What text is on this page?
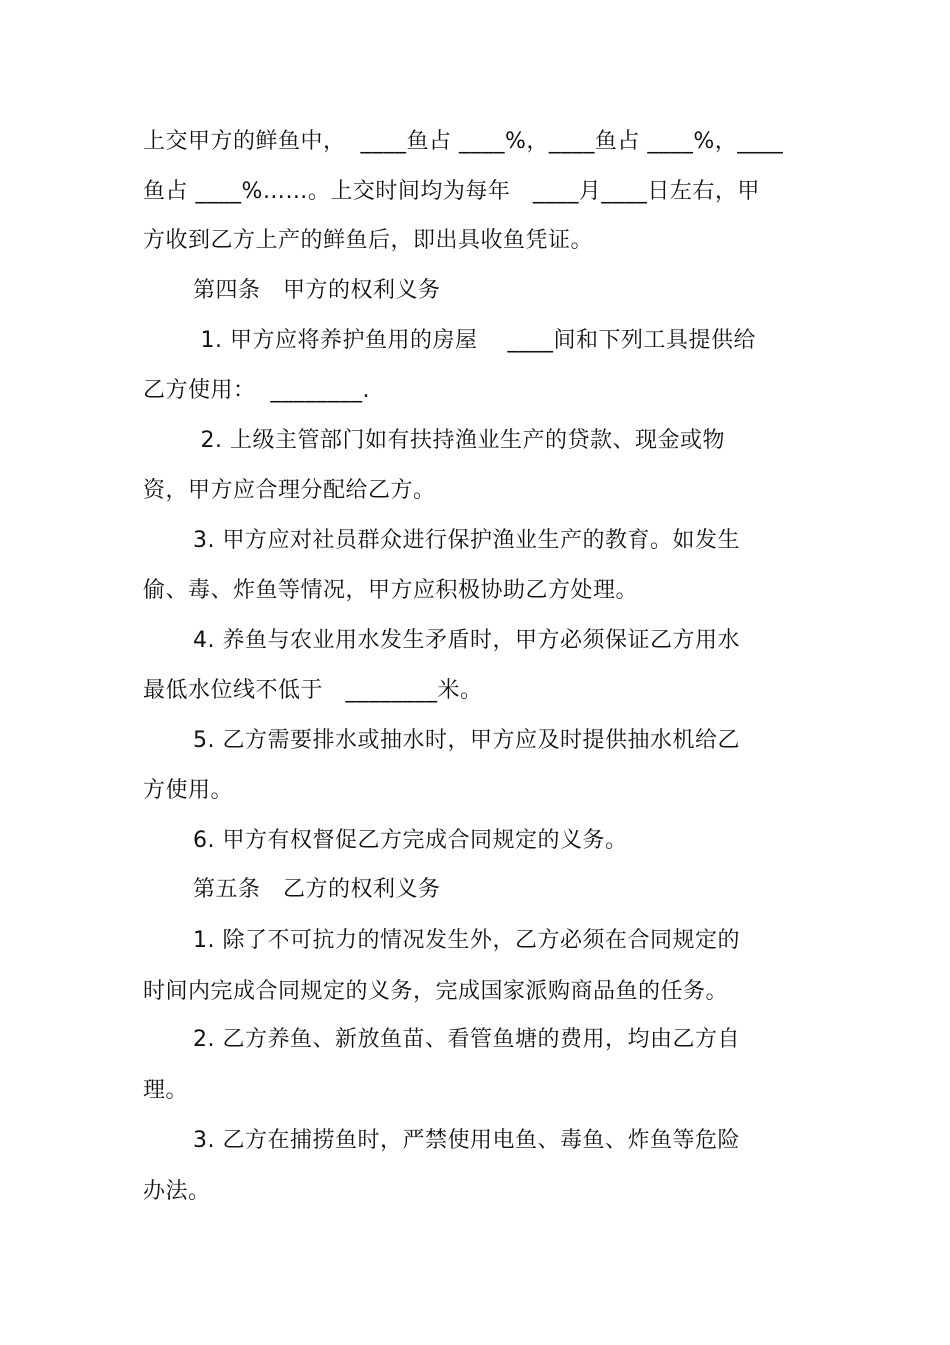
上交甲方的鲜鱼中，  ____鱼占 ____%，____鱼占 ____%，____
鱼占 ____%……。上交时间均为每年   ____月____日左右，甲
方收到乙方上产的鲜鱼后，即出具收鱼凭证。
第四条　甲方的权利义务
1. 甲方应将养护鱼用的房屋    ____间和下列工具提供给
乙方使用：  ________.
2. 上级主管部门如有扶持渔业生产的贷款、现金或物
资，甲方应合理分配给乙方。
3. 甲方应对社员群众进行保护渔业生产的教育。如发生
偷、毒、炸鱼等情况，甲方应积极协助乙方处理。
4. 养鱼与农业用水发生矛盾时，甲方必须保证乙方用水
最低水位线不低于   ________米。
5. 乙方需要排水或抽水时，甲方应及时提供抽水机给乙
方使用。
6. 甲方有权督促乙方完成合同规定的义务。
第五条　乙方的权利义务
1. 除了不可抗力的情况发生外，乙方必须在合同规定的
时间内完成合同规定的义务，完成国家派购商品鱼的任务。
2. 乙方养鱼、新放鱼苗、看管鱼塘的费用，均由乙方自
理。
3. 乙方在捕捞鱼时，严禁使用电鱼、毒鱼、炸鱼等危险
办法。
